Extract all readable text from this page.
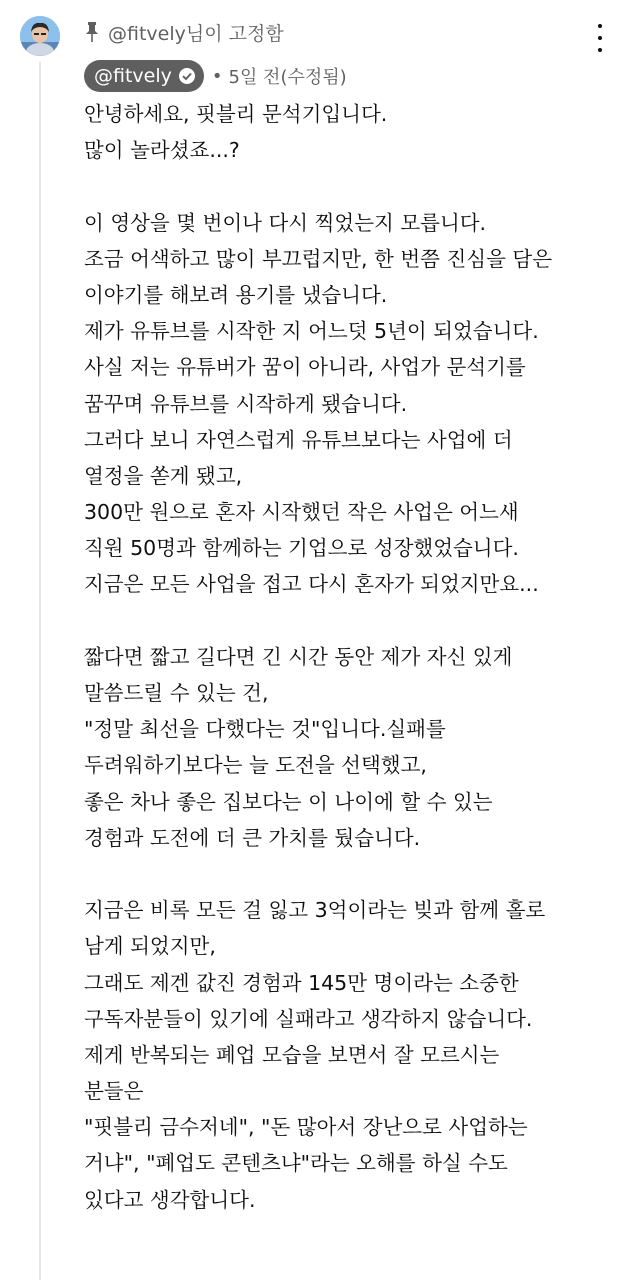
@fitvely님이 고정함
@fitvely • 5일 전(수정됨)
안녕하세요, 핏블리 문석기입니다.
많이 놀라셨죠...?
이 영상을 몇 번이나 다시 찍었는지 모릅니다.
조금 어색하고 많이 부끄럽지만, 한 번쯤 진심을 담은
이야기를 해보려 용기를 냈습니다.
제가 유튜브를 시작한 지 어느덧 5년이 되었습니다.
사실 저는 유튜버가 꿈이 아니라, 사업가 문석기를
꿈꾸며 유튜브를 시작하게 됐습니다.
그러다 보니 자연스럽게 유튜브보다는 사업에 더
열정을 쏟게 됐고,
300만 원으로 혼자 시작했던 작은 사업은 어느새
직원 50명과 함께하는 기업으로 성장했었습니다.
지금은 모든 사업을 접고 다시 혼자가 되었지만요...
짧다면 짧고 길다면 긴 시간 동안 제가 자신 있게
말씀드릴 수 있는 건,
"정말 최선을 다했다는 것"입니다.실패를
두려워하기보다는 늘 도전을 선택했고,
좋은 차나 좋은 집보다는 이 나이에 할 수 있는
경험과 도전에 더 큰 가치를 뒀습니다.
지금은 비록 모든 걸 잃고 3억이라는 빚과 함께 홀로
남게 되었지만,
그래도 제겐 값진 경험과 145만 명이라는 소중한
구독자분들이 있기에 실패라고 생각하지 않습니다.
제게 반복되는 폐업 모습을 보면서 잘 모르시는
분들은
"핏블리 금수저네", "돈 많아서 장난으로 사업하는
거냐", "폐업도 콘텐츠냐"라는 오해를 하실 수도
있다고 생각합니다.
